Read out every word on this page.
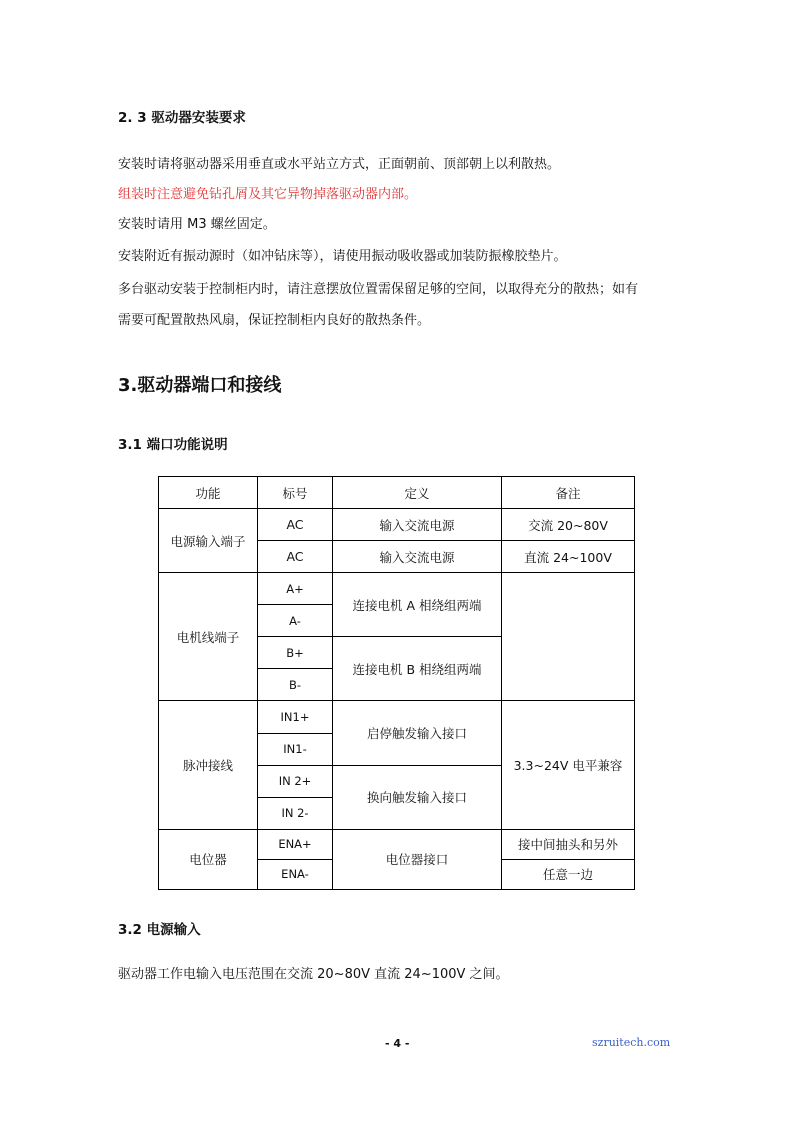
2. 3 驱动器安装要求
安装时请将驱动器采用垂直或水平站立方式，正面朝前、顶部朝上以利散热。
组装时注意避免钻孔屑及其它异物掉落驱动器内部。
安装时请用 M3 螺丝固定。
安装附近有振动源时（如冲钻床等），请使用振动吸收器或加装防振橡胶垫片。
多台驱动安装于控制柜内时，请注意摆放位置需保留足够的空间，以取得充分的散热；如有
需要可配置散热风扇，保证控制柜内良好的散热条件。
3.驱动器端口和接线
3.1 端口功能说明
功能	标号	定义	备注
电源输入端子	AC	输入交流电源	交流 20~80V
	AC	输入交流电源	直流 24~100V
电机线端子	A+	连接电机 A 相绕组两端	
	A-		
	B+	连接电机 B 相绕组两端	
	B-		
脉冲接线	IN1+	启停触发输入接口	3.3~24V 电平兼容
	IN1-		
	IN 2+	换向触发输入接口	
	IN 2-		
电位器	ENA+	电位器接口	接中间抽头和另外
	ENA-		任意一边
3.2 电源输入
驱动器工作电输入电压范围在交流 20~80V 直流 24~100V 之间。
- 4 -	szruitech.com
